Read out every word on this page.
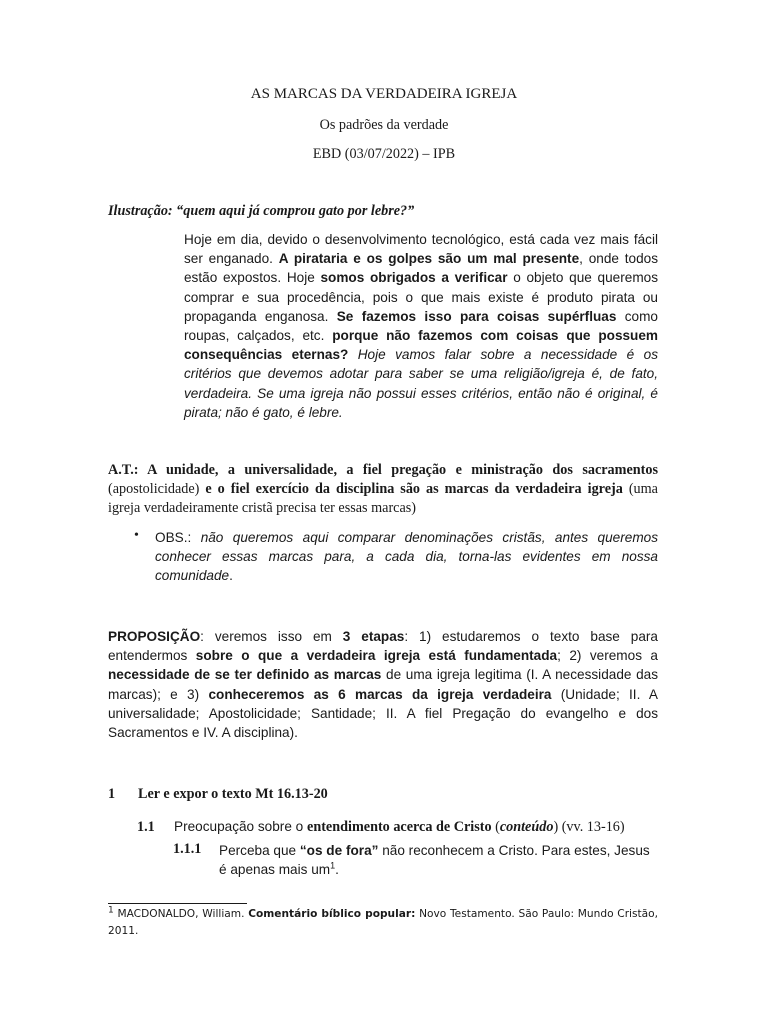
AS MARCAS DA VERDADEIRA IGREJA
Os padrões da verdade
EBD (03/07/2022) – IPB
Ilustração: “quem aqui já comprou gato por lebre?”
Hoje em dia, devido o desenvolvimento tecnológico, está cada vez mais fácil ser enganado. A pirataria e os golpes são um mal presente, onde todos estão expostos. Hoje somos obrigados a verificar o objeto que queremos comprar e sua procedência, pois o que mais existe é produto pirata ou propaganda enganosa. Se fazemos isso para coisas supérfluas como roupas, calçados, etc. porque não fazemos com coisas que possuem consequências eternas? Hoje vamos falar sobre a necessidade é os critérios que devemos adotar para saber se uma religião/igreja é, de fato, verdadeira. Se uma igreja não possui esses critérios, então não é original, é pirata; não é gato, é lebre.
A.T.: A unidade, a universalidade, a fiel pregação e ministração dos sacramentos (apostolicidade) e o fiel exercício da disciplina são as marcas da verdadeira igreja (uma igreja verdadeiramente cristã precisa ter essas marcas)
• OBS.: não queremos aqui comparar denominações cristãs, antes queremos conhecer essas marcas para, a cada dia, torna-las evidentes em nossa comunidade.
PROPOSIÇÃO: veremos isso em 3 etapas: 1) estudaremos o texto base para entendermos sobre o que a verdadeira igreja está fundamentada; 2) veremos a necessidade de se ter definido as marcas de uma igreja legitima (I. A necessidade das marcas); e 3) conheceremos as 6 marcas da igreja verdadeira (Unidade; II. A universalidade; Apostolicidade; Santidade; II. A fiel Pregação do evangelho e dos Sacramentos e IV. A disciplina).
1 Ler e expor o texto Mt 16.13-20
1.1 Preocupação sobre o entendimento acerca de Cristo (conteúdo) (vv. 13-16)
1.1.1 Perceba que “os de fora” não reconhecem a Cristo. Para estes, Jesus é apenas mais $um^1$.
$^1$ MACDONALDO, William. Comentário bíblico popular: Novo Testamento. São Paulo: Mundo Cristão, 2011.
